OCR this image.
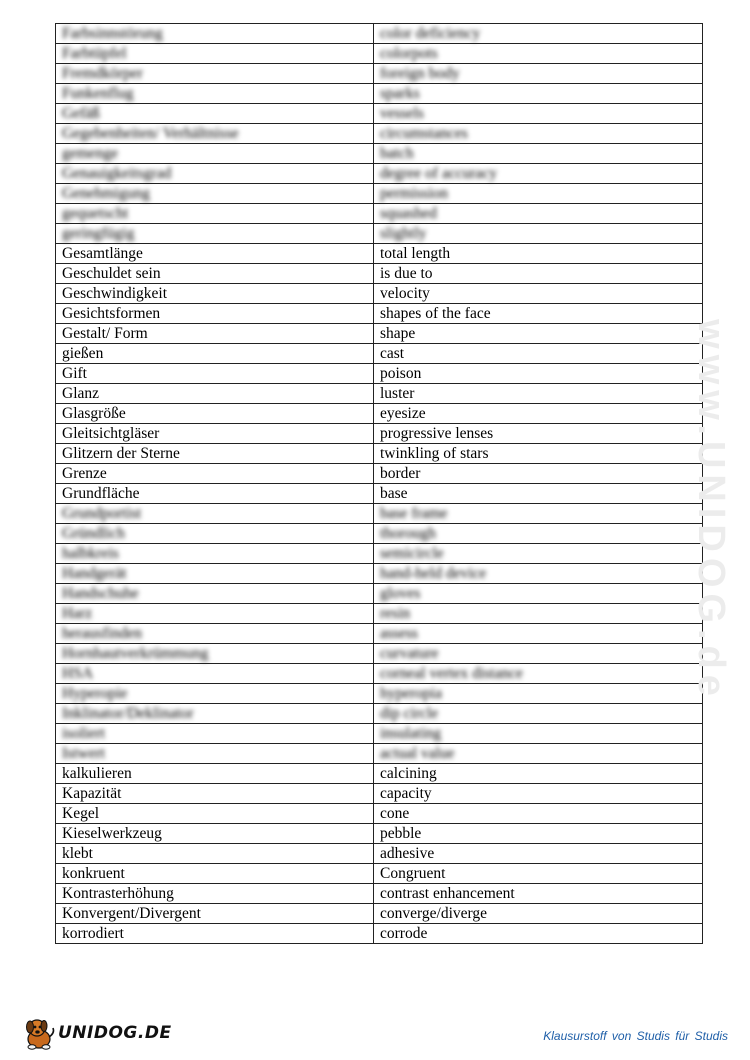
Farbsinnstörung	color deficiency
Farbtüpfel	colorpots
Fremdkörper	foreign body
Funkenflug	sparks
Gefäß	vessels
Gegebenheiten/ Verhältnisse	circumstances
gemenge	batch
Genauigkeitsgrad	degree of accuracy
Genehmigung	permission
gequetscht	squashed
geringfügig	slightly
Gesamtlänge	total length
Geschuldet sein	is due to
Geschwindigkeit	velocity
Gesichtsformen	shapes of the face
Gestalt/ Form	shape
gießen	cast
Gift	poison
Glanz	luster
Glasgröße	eyesize
Gleitsichtgläser	progressive lenses
Glitzern der Sterne	twinkling of stars
Grenze	border
Grundfläche	base
Grundportist	base frame
Gründlich	thorough
halbkreis	semicircle
Handgerät	hand-held device
Handschuhe	gloves
Harz	resin
herausfinden	assess
Hornhautverkrümmung	curvature
HSA	corneal vertex distance
Hyperopie	hyperopia
Inklinator/Deklinator	dip circle
isoliert	insulating
Istwert	actual value
kalkulieren	calcining
Kapazität	capacity
Kegel	cone
Kieselwerkzeug	pebble
klebt	adhesive
konkruent	Congruent
Kontrasterhöhung	contrast enhancement
Konvergent/Divergent	converge/diverge
korrodiert	corrode
www.UNIDOG.de
UNIDOG.DE	Klausurstoff von Studis für Studis
